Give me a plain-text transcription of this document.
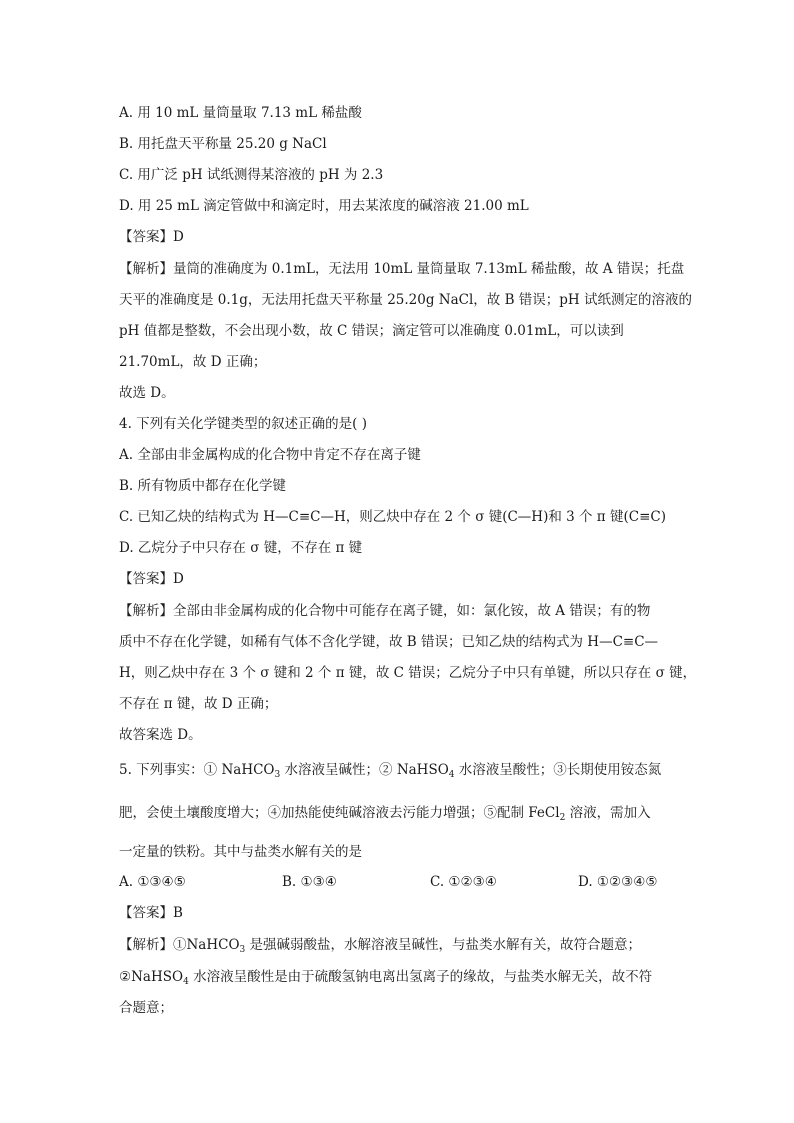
A. 用 10 mL 量筒量取 7.13 mL 稀盐酸
B. 用托盘天平称量 25.20 g NaCl
C. 用广泛 pH 试纸测得某溶液的 pH 为 2.3
D. 用 25 mL 滴定管做中和滴定时，用去某浓度的碱溶液 21.00 mL
【答案】D
【解析】量筒的准确度为 0.1mL，无法用 10mL 量筒量取 7.13mL 稀盐酸，故 A 错误；托盘
天平的准确度是 0.1g，无法用托盘天平称量 25.20g NaCl，故 B 错误；pH 试纸测定的溶液的
pH 值都是整数，不会出现小数，故 C 错误；滴定管可以准确度 0.01mL，可以读到
21.70mL，故 D 正确；
故选 D。
4. 下列有关化学键类型的叙述正确的是( )
A. 全部由非金属构成的化合物中肯定不存在离子键
B. 所有物质中都存在化学键
C. 已知乙炔的结构式为 H—C≡C—H，则乙炔中存在 2 个 σ 键(C—H)和 3 个 π 键(C≡C)
D. 乙烷分子中只存在 σ 键，不存在 π 键
【答案】D
【解析】全部由非金属构成的化合物中可能存在离子键，如：氯化铵，故 A 错误；有的物
质中不存在化学键，如稀有气体不含化学键，故 B 错误；已知乙炔的结构式为 H—C≡C—
H，则乙炔中存在 3 个 σ 键和 2 个 π 键，故 C 错误；乙烷分子中只有单键，所以只存在 σ 键，
不存在 π 键，故 D 正确；
故答案选 D。
5. 下列事实：① NaHCO$_3$ 水溶液呈碱性；② NaHSO$_4$ 水溶液呈酸性；③长期使用铵态氮
肥，会使土壤酸度增大；④加热能使纯碱溶液去污能力增强；⑤配制 FeCl$_2$ 溶液，需加入
一定量的铁粉。其中与盐类水解有关的是
A. ①③④⑤	B. ①③④	C. ①②③④	D. ①②③④⑤
【答案】B
【解析】①NaHCO$_3$ 是强碱弱酸盐，水解溶液呈碱性，与盐类水解有关，故符合题意；
②NaHSO$_4$ 水溶液呈酸性是由于硫酸氢钠电离出氢离子的缘故，与盐类水解无关，故不符
合题意；
